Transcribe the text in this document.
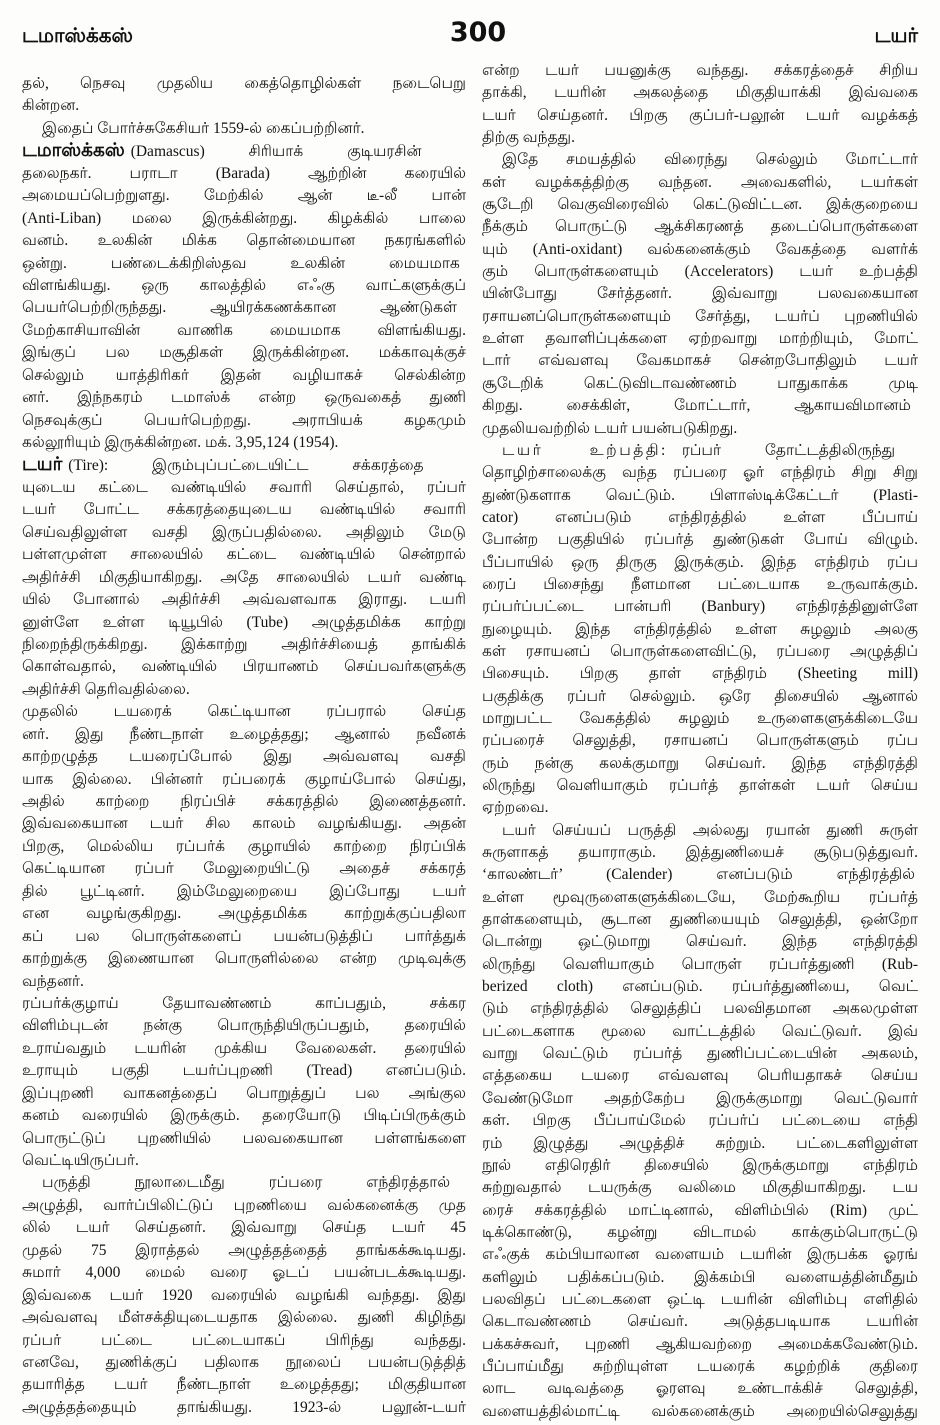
டமாஸ்க்கஸ்	300	டயர்
தல், நெசவு முதலிய கைத்தொழில்கள் நடைபெறு
கின்றன.
இதைப் போர்ச்சுகேசியர் 1559-ல் கைப்பற்றினர்.
டமாஸ்க்கஸ் (Damascus) சிரியாக் குடியரசின்
தலைநகர். பராடா (Barada) ஆற்றின் கரையில்
அமையப்பெற்றுளது. மேற்கில் ஆன் டீ-லீ பான்
(Anti-Liban) மலை இருக்கின்றது. கிழக்கில் பாலை
வனம். உலகின் மிக்க தொன்மையான நகரங்களில்
ஒன்று. பண்டைக்கிறிஸ்தவ உலகின் மையமாக
விளங்கியது. ஒரு காலத்தில் எஃகு வாட்களுக்குப்
பெயர்பெற்றிருந்தது. ஆயிரக்கணக்கான ஆண்டுகள்
மேற்காசியாவின் வாணிக மையமாக விளங்கியது.
இங்குப் பல மசூதிகள் இருக்கின்றன. மக்காவுக்குச்
செல்லும் யாத்திரிகர் இதன் வழியாகச் செல்கின்ற
னர். இந்நகரம் டமாஸ்க் என்ற ஒருவகைத் துணி
நெசவுக்குப் பெயர்பெற்றது. அராபியக் கழகமும்
கல்லூரியும் இருக்கின்றன. மக். 3,95,124 (1954).
டயர் (Tire): இரும்புப்பட்டையிட்ட சக்கரத்தை
யுடைய கட்டை வண்டியில் சவாரி செய்தால், ரப்பர்
டயர் போட்ட சக்கரத்தையுடைய வண்டியில் சவாரி
செய்வதிலுள்ள வசதி இருப்பதில்லை. அதிலும் மேடு
பள்ளமுள்ள சாலையில் கட்டை வண்டியில் சென்றால்
அதிர்ச்சி மிகுதியாகிறது. அதே சாலையில் டயர் வண்டி
யில் போனால் அதிர்ச்சி அவ்வளவாக இராது. டயரி
னுள்ளே உள்ள டியூபில் (Tube) அழுத்தமிக்க காற்று
நிறைந்திருக்கிறது. இக்காற்று அதிர்ச்சியைத் தாங்கிக்
கொள்வதால், வண்டியில் பிரயாணம் செய்பவர்களுக்கு
அதிர்ச்சி தெரிவதில்லை.
முதலில் டயரைக் கெட்டியான ரப்பரால் செய்த
னர். இது நீண்டநாள் உழைத்தது; ஆனால் நவீனக்
காற்றழுத்த டயரைப்போல் இது அவ்வளவு வசதி
யாக இல்லை. பின்னர் ரப்பரைக் குழாய்போல் செய்து,
அதில் காற்றை நிரப்பிச் சக்கரத்தில் இணைத்தனர்.
இவ்வகையான டயர் சில காலம் வழங்கியது. அதன்
பிறகு, மெல்லிய ரப்பர்க் குழாயில் காற்றை நிரப்பிக்
கெட்டியான ரப்பர் மேலுறையிட்டு அதைச் சக்கரத்
தில் பூட்டினர். இம்மேலுறையை இப்போது டயர்
என வழங்குகிறது. அழுத்தமிக்க காற்றுக்குப்பதிலா
கப் பல பொருள்களைப் பயன்படுத்திப் பார்த்துக்
காற்றுக்கு இணையான பொருளில்லை என்ற முடிவுக்கு
வந்தனர்.
ரப்பர்க்குழாய் தேயாவண்ணம் காப்பதும், சக்கர
விளிம்புடன் நன்கு பொருந்தியிருப்பதும், தரையில்
உராய்வதும் டயரின் முக்கிய வேலைகள். தரையில்
உராயும் பகுதி டயர்ப்புறணி (Tread) எனப்படும்.
இப்புறணி வாகனத்தைப் பொறுத்துப் பல அங்குல
கனம் வரையில் இருக்கும். தரையோடு பிடிப்பிருக்கும்
பொருட்டுப் புறணியில் பலவகையான பள்ளங்களை
வெட்டியிருப்பர்.
பருத்தி நூலாடைமீது ரப்பரை எந்திரத்தால்
அழுத்தி, வார்ப்பிலிட்டுப் புறணியை வல்கனைக்கு முத
லில் டயர் செய்தனர். இவ்வாறு செய்த டயர் 45
முதல் 75 இராத்தல் அழுத்தத்தைத் தாங்கக்கூடியது.
சுமார் 4,000 மைல் வரை ஓடப் பயன்படக்கூடியது.
இவ்வகை டயர் 1920 வரையில் வழங்கி வந்தது. இது
அவ்வளவு மீள்சக்தியுடையதாக இல்லை. துணி கிழிந்து
ரப்பர் பட்டை பட்டையாகப் பிரிந்து வந்தது.
எனவே, துணிக்குப் பதிலாக நூலைப் பயன்படுத்தித்
தயாரித்த டயர் நீண்டநாள் உழைத்தது; மிகுதியான
அழுத்தத்தையும் தாங்கியது. 1923-ல் பலூன்-டயர்
என்ற டயர் பயனுக்கு வந்தது. சக்கரத்தைச் சிறிய
தாக்கி, டயரின் அகலத்தை மிகுதியாக்கி இவ்வகை
டயர் செய்தனர். பிறகு குப்பர்-பலூன் டயர் வழக்கத்
திற்கு வந்தது.
இதே சமயத்தில் விரைந்து செல்லும் மோட்டார்
கள் வழக்கத்திற்கு வந்தன. அவைகளில், டயர்கள்
சூடேறி வெகுவிரைவில் கெட்டுவிட்டன. இக்குறையை
நீக்கும் பொருட்டு ஆக்சிகரணத் தடைப்பொருள்களை
யும் (Anti-oxidant) வல்கனைக்கும் வேகத்தை வளர்க்
கும் பொருள்களையும் (Accelerators) டயர் உற்பத்தி
யின்போது சேர்த்தனர். இவ்வாறு பலவகையான
ரசாயனப்பொருள்களையும் சேர்த்து, டயர்ப் புறணியில்
உள்ள தவாளிப்புக்களை ஏற்றவாறு மாற்றியும், மோட்
டார் எவ்வளவு வேகமாகச் சென்றபோதிலும் டயர்
சூடேறிக் கெட்டுவிடாவண்ணம் பாதுகாக்க முடி
கிறது. சைக்கிள், மோட்டார், ஆகாயவிமானம்
முதலியவற்றில் டயர் பயன்படுகிறது.
டயர் உற்பத்தி: ரப்பர் தோட்டத்திலிருந்து
தொழிற்சாலைக்கு வந்த ரப்பரை ஓர் எந்திரம் சிறு சிறு
துண்டுகளாக வெட்டும். பிளாஸ்டிக்கேட்டர் (Plasti-
cator) எனப்படும் எந்திரத்தில் உள்ள பீப்பாய்
போன்ற பகுதியில் ரப்பர்த் துண்டுகள் போய் விழும்.
பீப்பாயில் ஒரு திருகு இருக்கும். இந்த எந்திரம் ரப்ப
ரைப் பிசைந்து நீளமான பட்டையாக உருவாக்கும்.
ரப்பர்ப்பட்டை பான்பரி (Banbury) எந்திரத்தினுள்ளே
நுழையும். இந்த எந்திரத்தில் உள்ள சுழலும் அலகு
கள் ரசாயனப் பொருள்களைவிட்டு, ரப்பரை அழுத்திப்
பிசையும். பிறகு தாள் எந்திரம் (Sheeting mill)
பகுதிக்கு ரப்பர் செல்லும். ஒரே திசையில் ஆனால்
மாறுபட்ட வேகத்தில் சுழலும் உருளைகளுக்கிடையே
ரப்பரைச் செலுத்தி, ரசாயனப் பொருள்களும் ரப்ப
ரும் நன்கு கலக்குமாறு செய்வர். இந்த எந்திரத்தி
லிருந்து வெளியாகும் ரப்பர்த் தாள்கள் டயர் செய்ய
ஏற்றவை.
டயர் செய்யப் பருத்தி அல்லது ரயான் துணி சுருள்
சுருளாகத் தயாராகும். இத்துணியைச் சூடுபடுத்துவர்.
‘காலண்டர்’ (Calender) எனப்படும் எந்திரத்தில்
உள்ள மூவுருளைகளுக்கிடையே, மேற்கூறிய ரப்பர்த்
தாள்களையும், சூடான துணியையும் செலுத்தி, ஒன்றோ
டொன்று ஒட்டுமாறு செய்வர். இந்த எந்திரத்தி
லிருந்து வெளியாகும் பொருள் ரப்பர்த்துணி (Rub-
berized cloth) எனப்படும். ரப்பர்த்துணியை, வெட்
டும் எந்திரத்தில் செலுத்திப் பலவிதமான அகலமுள்ள
பட்டைகளாக மூலை வாட்டத்தில் வெட்டுவர். இவ்
வாறு வெட்டும் ரப்பர்த் துணிப்பட்டையின் அகலம்,
எத்தகைய டயரை எவ்வளவு பெரியதாகச் செய்ய
வேண்டுமோ அதற்கேற்ப இருக்குமாறு வெட்டுவார்
கள். பிறகு பீப்பாய்மேல் ரப்பர்ப் பட்டையை எந்தி
ரம் இழுத்து அழுத்திச் சுற்றும். பட்டைகளிலுள்ள
நூல் எதிரெதிர் திசையில் இருக்குமாறு எந்திரம்
சுற்றுவதால் டயருக்கு வலிமை மிகுதியாகிறது. டய
ரைச் சக்கரத்தில் மாட்டினால், விளிம்பில் (Rim) முட்
டிக்கொண்டு, கழன்று விடாமல் காக்கும்பொருட்டு
எஃகுக் கம்பியாலான வளையம் டயரின் இருபக்க ஓரங்
களிலும் பதிக்கப்படும். இக்கம்பி வளையத்தின்மீதும்
பலவிதப் பட்டைகளை ஒட்டி டயரின் விளிம்பு எளிதில்
கெடாவண்ணம் செய்வர். அடுத்தபடியாக டயரின்
பக்கச்சுவர், புறணி ஆகியவற்றை அமைக்கவேண்டும்.
பீப்பாய்மீது சுற்றியுள்ள டயரைக் கழற்றிக் குதிரை
லாட வடிவத்தை ஓரளவு உண்டாக்கிச் செலுத்தி,
வளையத்தில்மாட்டி வல்கனைக்கும் அறையில்செலுத்து
